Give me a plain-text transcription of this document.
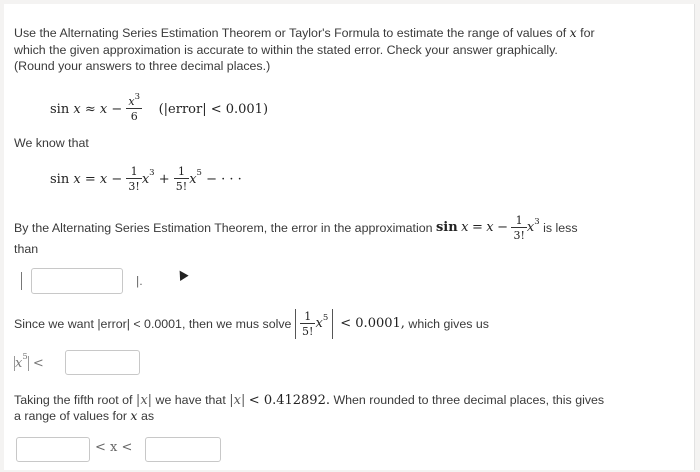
Use the Alternating Series Estimation Theorem or Taylor's Formula to estimate the range of values of x for
which the given approximation is accurate to within the stated error. Check your answer graphically.
(Round your answers to three decimal places.)
sin
x
≈
x
−
$\frac{x^3}{6}$
(|error| < 0.001)
We know that
sin
x
=
x
−
$\frac{1}{3!}$ x 3
+
$\frac{1}{5!}$ x 5
− · · ·
By the Alternating Series Estimation Theorem, the error in the approximation
sin
x
=
x
−
$\frac{1}{3!}$ x 3
is less
than
|.
Since we want |error| < 0.0001, then we mus solve

$\frac{1}{5!}$ x 5

< 0.0001,
which gives us
x 5
<
Taking the fifth root of |x| we have that |x| < 0.412892. When rounded to three decimal places, this gives
a range of values for x as
< x <
